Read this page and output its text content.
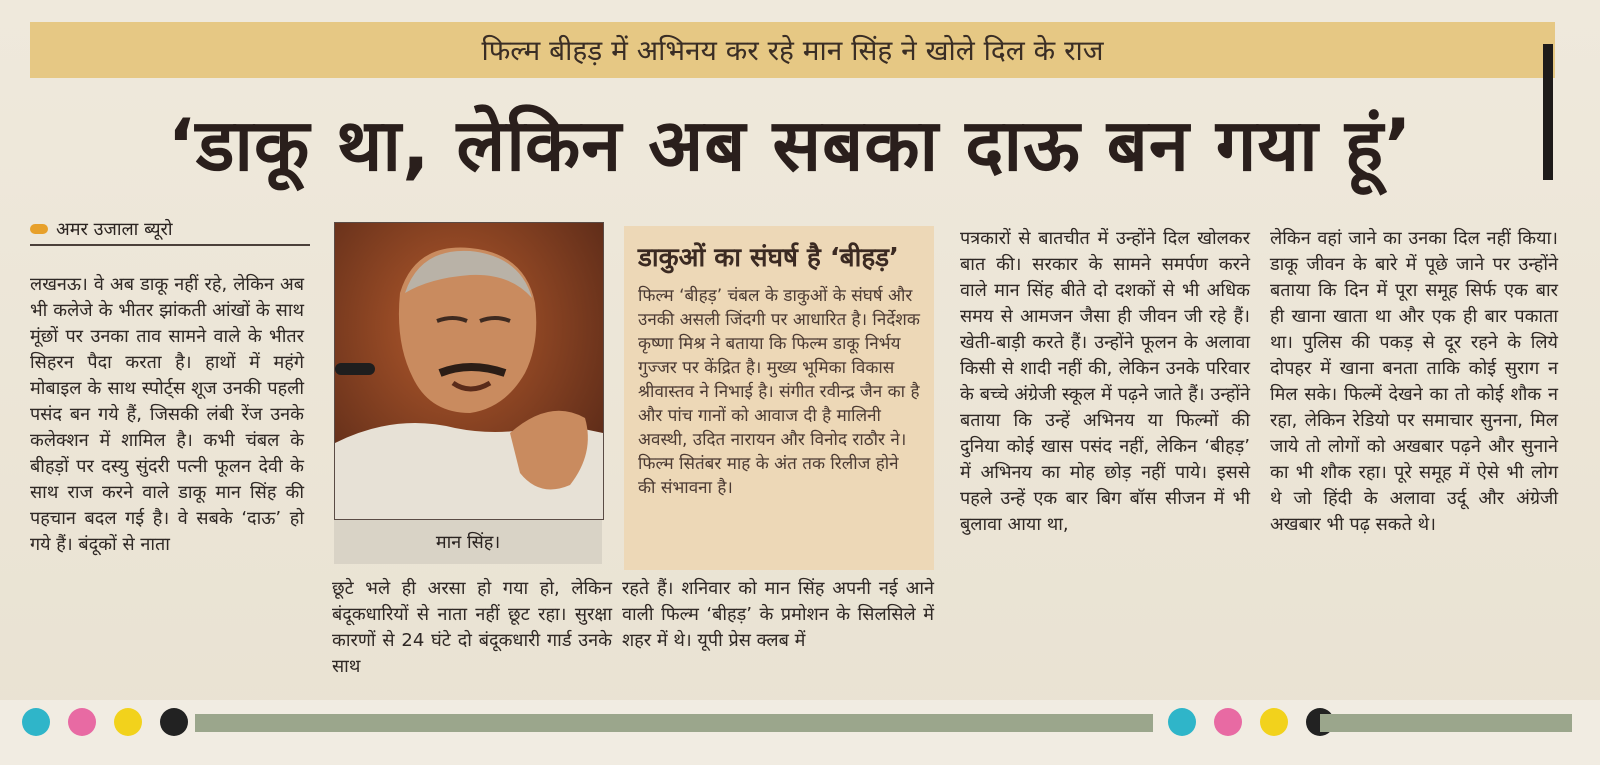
फिल्म बीहड़ में अभिनय कर रहे मान सिंह ने खोले दिल के राज
‘डाकू था, लेकिन अब सबका दाऊ बन गया हूं’
अमर उजाला ब्यूरो
लखनऊ। वे अब डाकू नहीं रहे, लेकिन अब भी कलेजे के भीतर झांकती आंखों के साथ मूंछों पर उनका ताव सामने वाले के भीतर सिहरन पैदा करता है। हाथों में महंगे मोबाइल के साथ स्पोर्ट्स शूज उनकी पहली पसंद बन गये हैं, जिसकी लंबी रेंज उनके कलेक्शन में शामिल है। कभी चंबल के बीहड़ों पर दस्यु सुंदरी पत्नी फूलन देवी के साथ राज करने वाले डाकू मान सिंह की पहचान बदल गई है। वे सबके ‘दाऊ’ हो गये हैं। बंदूकों से नाता	मान सिंह।
डाकुओं का संघर्ष है ‘बीहड़’

फिल्म ‘बीहड़’ चंबल के डाकुओं के संघर्ष और उनकी असली जिंदगी पर आधारित है। निर्देशक कृष्णा मिश्र ने बताया कि फिल्म डाकू निर्भय गुज्जर पर केंद्रित है। मुख्य भूमिका विकास श्रीवास्तव ने निभाई है। संगीत रवीन्द्र जैन का है और पांच गानों को आवाज दी है मालिनी अवस्थी, उदित नारायन और विनोद राठौर ने। फिल्म सितंबर माह के अंत तक रिलीज होने की संभावना है।

छूटे भले ही अरसा हो गया हो, लेकिन बंदूकधारियों से नाता नहीं छूट रहा। सुरक्षा कारणों से 24 घंटे दो बंदूकधारी गार्ड उनके साथ
रहते हैं। शनिवार को मान सिंह अपनी नई आने वाली फिल्म ‘बीहड़’ के प्रमोशन के सिलसिले में शहर में थे। यूपी प्रेस क्लब में
पत्रकारों से बातचीत में उन्होंने दिल खोलकर बात की। सरकार के सामने समर्पण करने वाले मान सिंह बीते दो दशकों से भी अधिक समय से आमजन जैसा ही जीवन जी रहे हैं। खेती-बाड़ी करते हैं। उन्होंने फूलन के अलावा किसी से शादी नहीं की, लेकिन उनके परिवार के बच्चे अंग्रेजी स्कूल में पढ़ने जाते हैं। उन्होंने बताया कि उन्हें अभिनय या फिल्मों की दुनिया कोई खास पसंद नहीं, लेकिन ‘बीहड़’ में अभिनय का मोह छोड़ नहीं पाये। इससे पहले उन्हें एक बार बिग बॉस सीजन में भी बुलावा आया था,
लेकिन वहां जाने का उनका दिल नहीं किया। डाकू जीवन के बारे में पूछे जाने पर उन्होंने बताया कि दिन में पूरा समूह सिर्फ एक बार ही खाना खाता था और एक ही बार पकाता था। पुलिस की पकड़ से दूर रहने के लिये दोपहर में खाना बनता ताकि कोई सुराग न मिल सके। फिल्में देखने का तो कोई शौक न रहा, लेकिन रेडियो पर समाचार सुनना, मिल जाये तो लोगों को अखबार पढ़ने और सुनाने का भी शौक रहा। पूरे समूह में ऐसे भी लोग थे जो हिंदी के अलावा उर्दू और अंग्रेजी अखबार भी पढ़ सकते थे।
